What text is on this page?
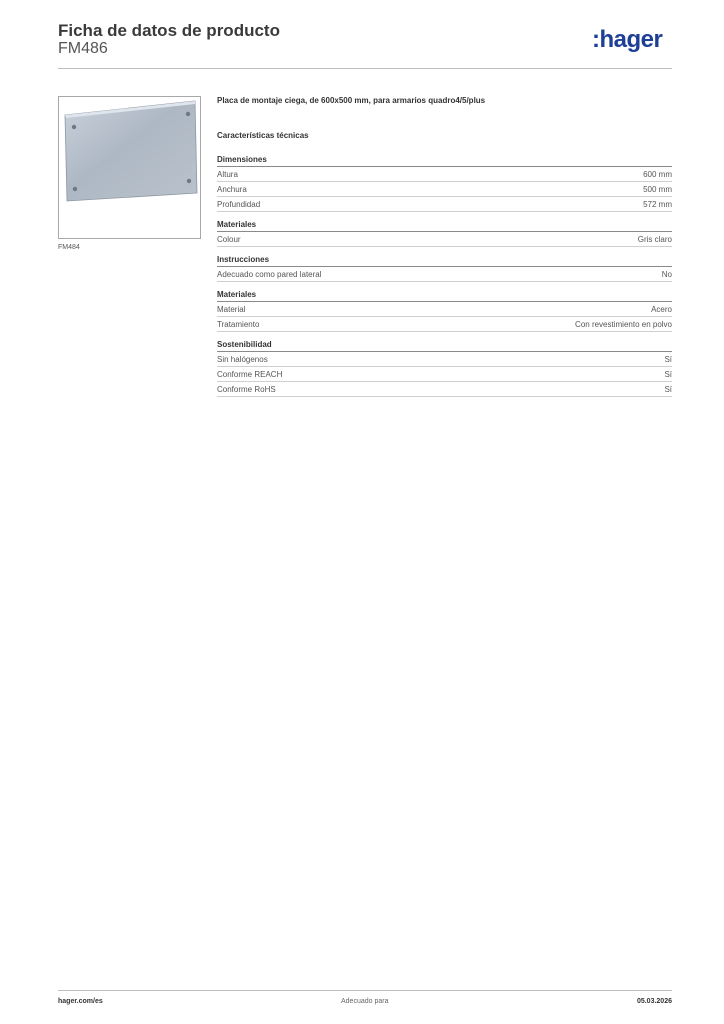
Ficha de datos de producto
FM486	:hager
FM484
Placa de montaje ciega, de 600x500 mm, para armarios quadro4/5/plus
Características técnicas
Dimensiones
Altura	600 mm
Anchura	500 mm
Profundidad	572 mm
Materiales
Colour	Gris claro
Instrucciones
Adecuado como pared lateral	No
Materiales
Material	Acero
Tratamiento	Con revestimiento en polvo
Sostenibilidad
Sin halógenos	Sí
Conforme REACH	Sí
Conforme RoHS	Sí
hager.com/es	Adecuado para	05.03.2026
